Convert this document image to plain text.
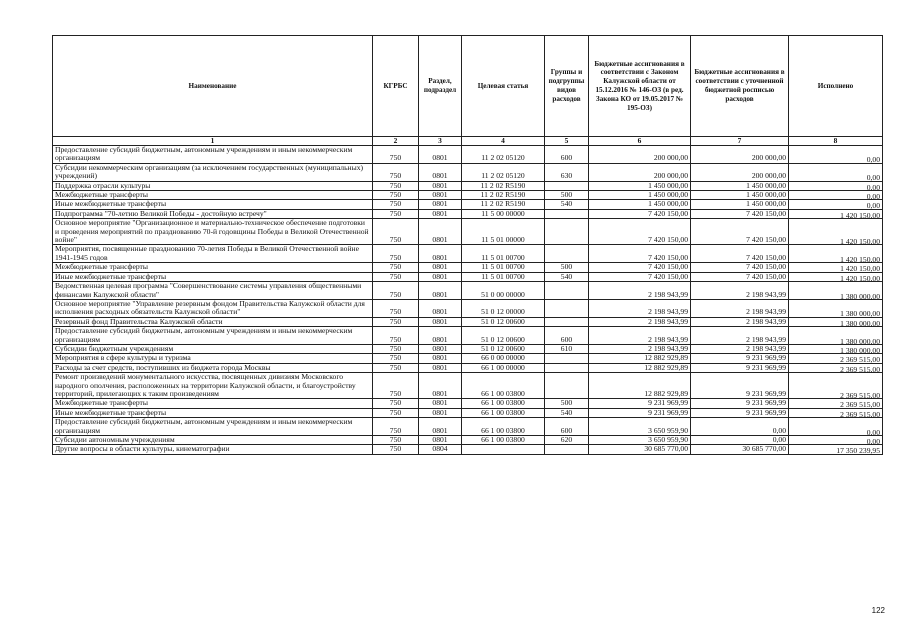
Наименование	КГРБС	Раздел, подраздел	Целевая статья	Группы и подгруппы видов расходов	Бюджетные ассигнования в соответствии с Законом Калужской области от 15.12.2016 № 146-ОЗ (в ред. Закона КО от 19.05.2017 № 195-ОЗ)	Бюджетные ассигнования в соответствии с уточненной бюджетной росписью расходов	Исполнено
1	2	3	4	5	6	7	8
Предоставление субсидий бюджетным, автономным учреждениям и иным некоммерческим организациям	750	0801	11 2 02 05120	600	200 000,00	200 000,00	0,00
Субсидии некоммерческим организациям (за исключением государственных (муниципальных) учреждений)	750	0801	11 2 02 05120	630	200 000,00	200 000,00	0,00
Поддержка отрасли культуры	750	0801	11 2 02 R5190		1 450 000,00	1 450 000,00	0,00
Межбюджетные трансферты	750	0801	11 2 02 R5190	500	1 450 000,00	1 450 000,00	0,00
Иные межбюджетные трансферты	750	0801	11 2 02 R5190	540	1 450 000,00	1 450 000,00	0,00
Подпрограмма "70-летию Великой Победы - достойную встречу"	750	0801	11 5 00 00000		7 420 150,00	7 420 150,00	1 420 150,00
Основное мероприятие "Организационное и материально-техническое обеспечение подготовки и проведения мероприятий по празднованию 70-й годовщины Победы в Великой Отечественной войне"	750	0801	11 5 01 00000		7 420 150,00	7 420 150,00	1 420 150,00
Мероприятия, посвященные празднованию 70-летия Победы в Великой Отечественной войне 1941-1945 годов	750	0801	11 5 01 00700		7 420 150,00	7 420 150,00	1 420 150,00
Межбюджетные трансферты	750	0801	11 5 01 00700	500	7 420 150,00	7 420 150,00	1 420 150,00
Иные межбюджетные трансферты	750	0801	11 5 01 00700	540	7 420 150,00	7 420 150,00	1 420 150,00
Ведомственная целевая программа "Совершенствование системы управления общественными финансами Калужской области"	750	0801	51 0 00 00000		2 198 943,99	2 198 943,99	1 380 000,00
Основное мероприятие "Управление резервным фондом Правительства Калужской области для исполнения расходных обязательств Калужской области"	750	0801	51 0 12 00000		2 198 943,99	2 198 943,99	1 380 000,00
Резервный фонд Правительства Калужской области	750	0801	51 0 12 00600		2 198 943,99	2 198 943,99	1 380 000,00
Предоставление субсидий бюджетным, автономным учреждениям и иным некоммерческим организациям	750	0801	51 0 12 00600	600	2 198 943,99	2 198 943,99	1 380 000,00
Субсидии бюджетным учреждениям	750	0801	51 0 12 00600	610	2 198 943,99	2 198 943,99	1 380 000,00
Мероприятия в сфере культуры и туризма	750	0801	66 0 00 00000		12 882 929,89	9 231 969,99	2 369 515,00
Расходы за счет средств, поступивших из бюджета города Москвы	750	0801	66 1 00 00000		12 882 929,89	9 231 969,99	2 369 515,00
Ремонт произведений монументального искусства, посвященных дивизиям Московского народного ополчения, расположенных на территории Калужской области, и благоустройству территорий, прилегающих к таким произведениям	750	0801	66 1 00 03800		12 882 929,89	9 231 969,99	2 369 515,00
Межбюджетные трансферты	750	0801	66 1 00 03800	500	9 231 969,99	9 231 969,99	2 369 515,00
Иные межбюджетные трансферты	750	0801	66 1 00 03800	540	9 231 969,99	9 231 969,99	2 369 515,00
Предоставление субсидий бюджетным, автономным учреждениям и иным некоммерческим организациям	750	0801	66 1 00 03800	600	3 650 959,90	0,00	0,00
Субсидии автономным учреждениям	750	0801	66 1 00 03800	620	3 650 959,90	0,00	0,00
Другие вопросы в области культуры, кинематографии	750	0804			30 685 770,00	30 685 770,00	17 350 239,95
122
